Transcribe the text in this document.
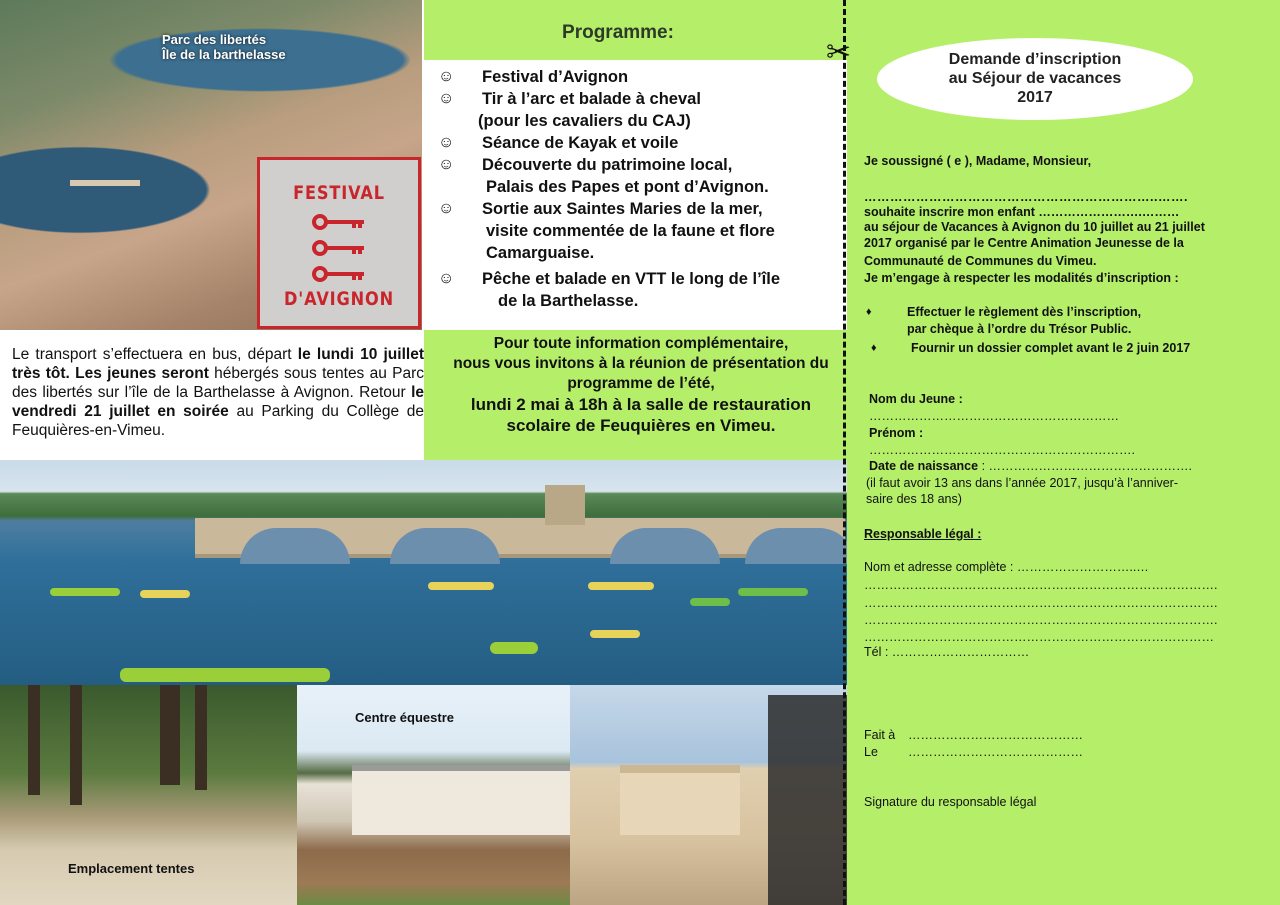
Parc des libertés
Île de la barthelasse
FESTIVAL
D'AVIGNON
Le transport s’effectuera en bus, départ le lundi 10 juillet très tôt. Les jeunes seront hébergés sous tentes au Parc des libertés sur l’île de la Barthelasse à Avignon. Retour le vendredi 21 juillet en soirée au Parking du Collège de Feuquières-en-Vimeu.
Programme:
☺ Festival d’Avignon
☺ Tir à l’arc et balade à cheval
(pour les cavaliers du CAJ)
☺ Séance de Kayak et voile
☺ Découverte du patrimoine local,
Palais des Papes et pont d’Avignon.
☺ Sortie aux Saintes Maries de la mer,
visite commentée de la faune et flore Camarguaise.
☺ Pêche et balade en VTT le long de l’île
de la Barthelasse.
Pour toute information complémentaire,
nous vous invitons à la réunion de présentation du
programme de l’été,
lundi 2 mai à 18h à la salle de restauration
scolaire de Feuquières en Vimeu.
Emplacement tentes
Centre équestre
✂	Demande d’inscription
au Séjour de vacances
2017
Je soussigné ( e ), Madame, Monsieur,
…………………………………………………………..…….
souhaite inscrire mon enfant …………………….………
au séjour de Vacances à Avignon du 10 juillet au 21 juillet
2017 organisé par le Centre Animation Jeunesse de la
Communauté de Communes du Vimeu.
Je m’engage à respecter les modalités d’inscription :
♦	Effectuer le règlement dès l’inscription,
par chèque à l’ordre du Trésor Public.
♦	Fournir un dossier complet avant le 2 juin 2017
Nom du Jeune :
……………………………………………………
Prénom :
……………………………………………………….
Date de naissance : ………………………………………….
(il faut avoir 13 ans dans l’année 2017, jusqu’à l’anniver-
saire des 18 ans)
Responsable légal :
Nom et adresse complète : ………………………..…
………………………………………………………………………….
………………………………………………………………………….
………………………………………………………………………….
…………………………………………………………………………
Tél : ……………………………
Fait à ……………………………………
Le ……………………………………
Signature du responsable légal
